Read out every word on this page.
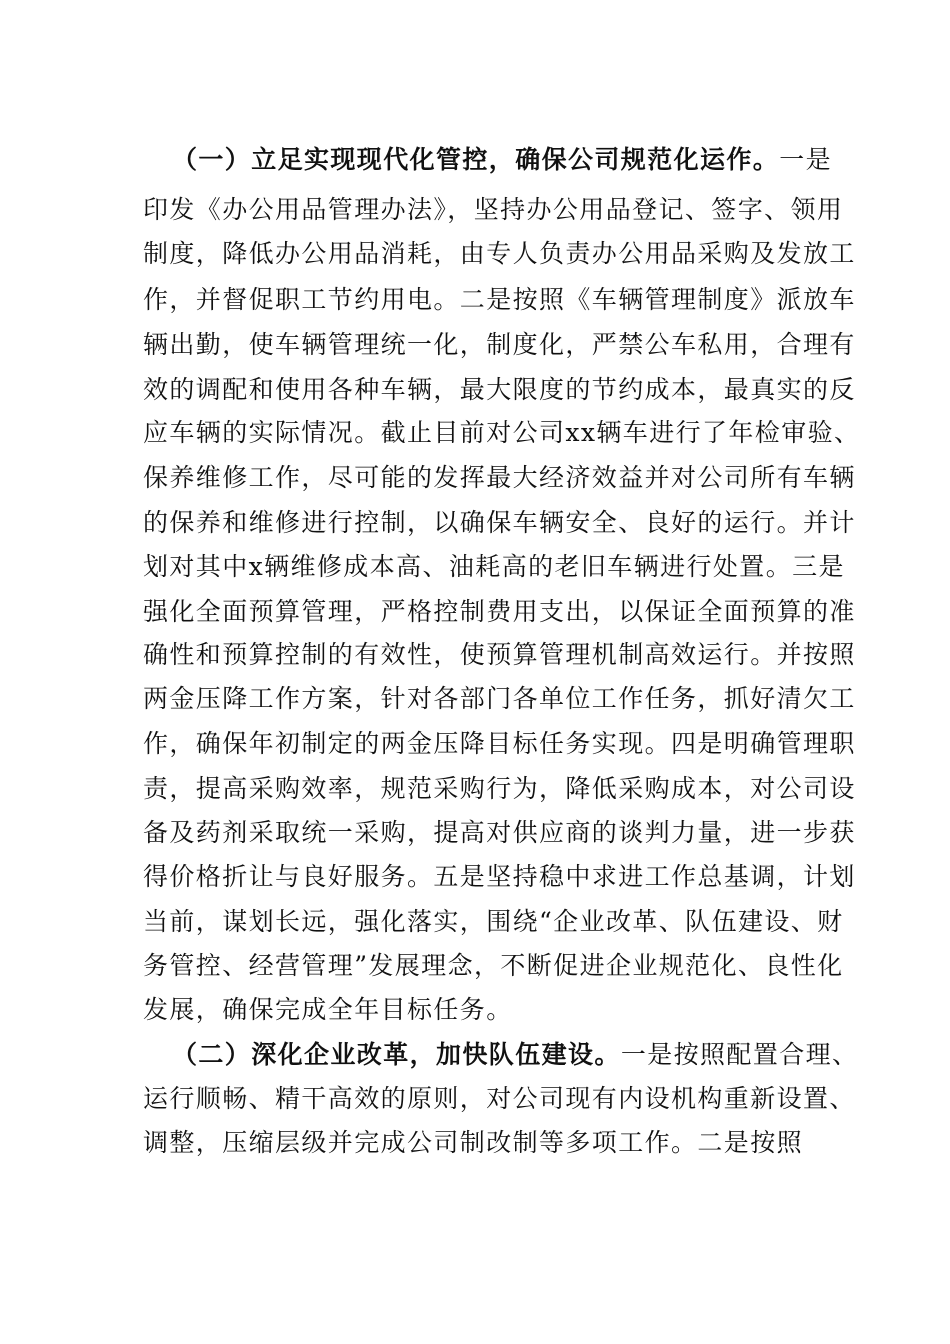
（一）立足实现现代化管控，确保公司规范化运作。一是
印发《办公用品管理办法》，坚持办公用品登记、签字、领用
制度，降低办公用品消耗，由专人负责办公用品采购及发放工
作，并督促职工节约用电。二是按照《车辆管理制度》派放车
辆出勤，使车辆管理统一化，制度化，严禁公车私用，合理有
效的调配和使用各种车辆，最大限度的节约成本，最真实的反
应车辆的实际情况。截止目前对公司xx辆车进行了年检审验、
保养维修工作，尽可能的发挥最大经济效益并对公司所有车辆
的保养和维修进行控制，以确保车辆安全、良好的运行。并计
划对其中x辆维修成本高、油耗高的老旧车辆进行处置。三是
强化全面预算管理，严格控制费用支出，以保证全面预算的准
确性和预算控制的有效性，使预算管理机制高效运行。并按照
两金压降工作方案，针对各部门各单位工作任务，抓好清欠工
作，确保年初制定的两金压降目标任务实现。四是明确管理职
责，提高采购效率，规范采购行为，降低采购成本，对公司设
备及药剂采取统一采购，提高对供应商的谈判力量，进一步获
得价格折让与良好服务。五是坚持稳中求进工作总基调，计划
当前，谋划长远，强化落实，围绕“企业改革、队伍建设、财
务管控、经营管理”发展理念，不断促进企业规范化、良性化
发展，确保完成全年目标任务。
（二）深化企业改革，加快队伍建设。一是按照配置合理、
运行顺畅、精干高效的原则，对公司现有内设机构重新设置、
调整，压缩层级并完成公司制改制等多项工作。二是按照
